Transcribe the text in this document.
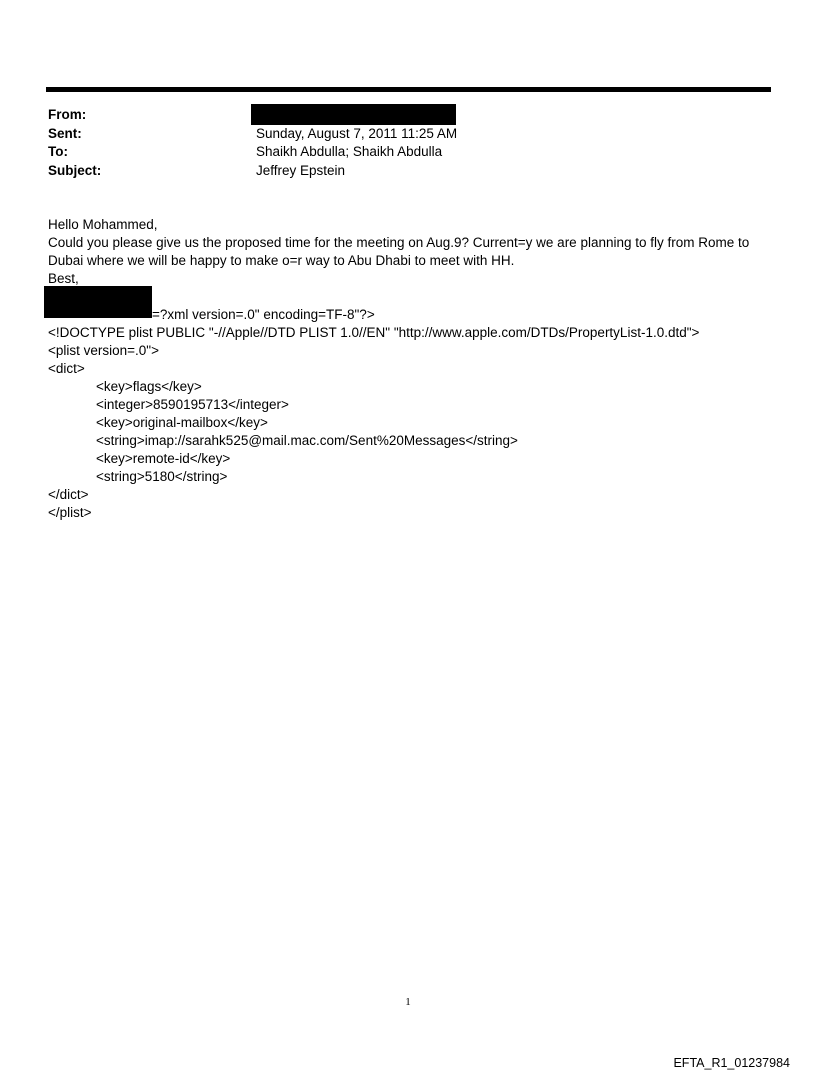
From:
Sent:	Sunday, August 7, 2011 11:25 AM
To:	Shaikh Abdulla; Shaikh Abdulla
Subject:	Jeffrey Epstein

Hello Mohammed,

Could you please give us the proposed time for the meeting on Aug.9? Current=y we are planning to fly from Rome to

Dubai where we will be happy to make o=r way to Abu Dhabi to meet with HH.

Best,

=?xml version=.0" encoding=TF-8"?>
<!DOCTYPE plist PUBLIC "-//Apple//DTD PLIST 1.0//EN" "http://www.apple.com/DTDs/PropertyList-1.0.dtd">
<plist version=.0">
<dict>
<key>flags</key>
<integer>8590195713</integer>
<key>original-mailbox</key>
<string>imap://sarahk525@mail.mac.com/Sent%20Messages</string>
<key>remote-id</key>
<string>5180</string>
</dict>
</plist>
1
EFTA_R1_01237984
